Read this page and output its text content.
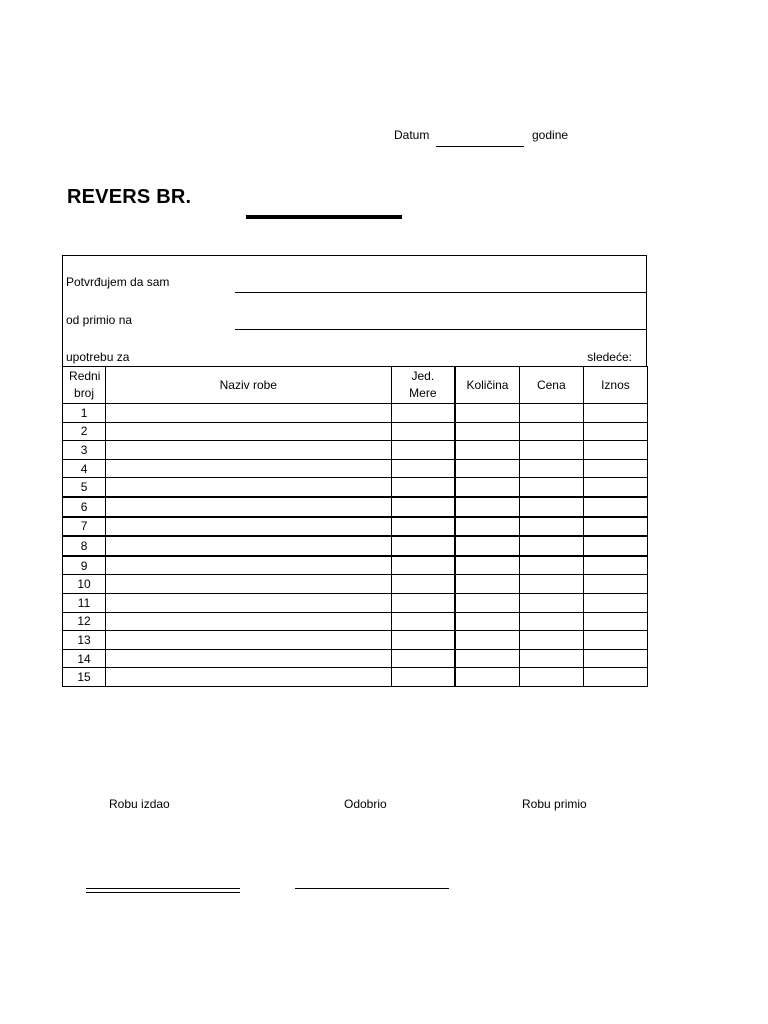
Datum	godine
REVERS BR.
Potvrđujem da sam
od primio na
upotrebu za	sledeće:
Redni broj	Naziv robe	Jed. Mere	Količina	Cena	Iznos
1					
2					
3					
4					
5					
6					
7					
8					
9					
10					
11					
12					
13					
14					
15					
Robu izdao	Odobrio	Robu primio
